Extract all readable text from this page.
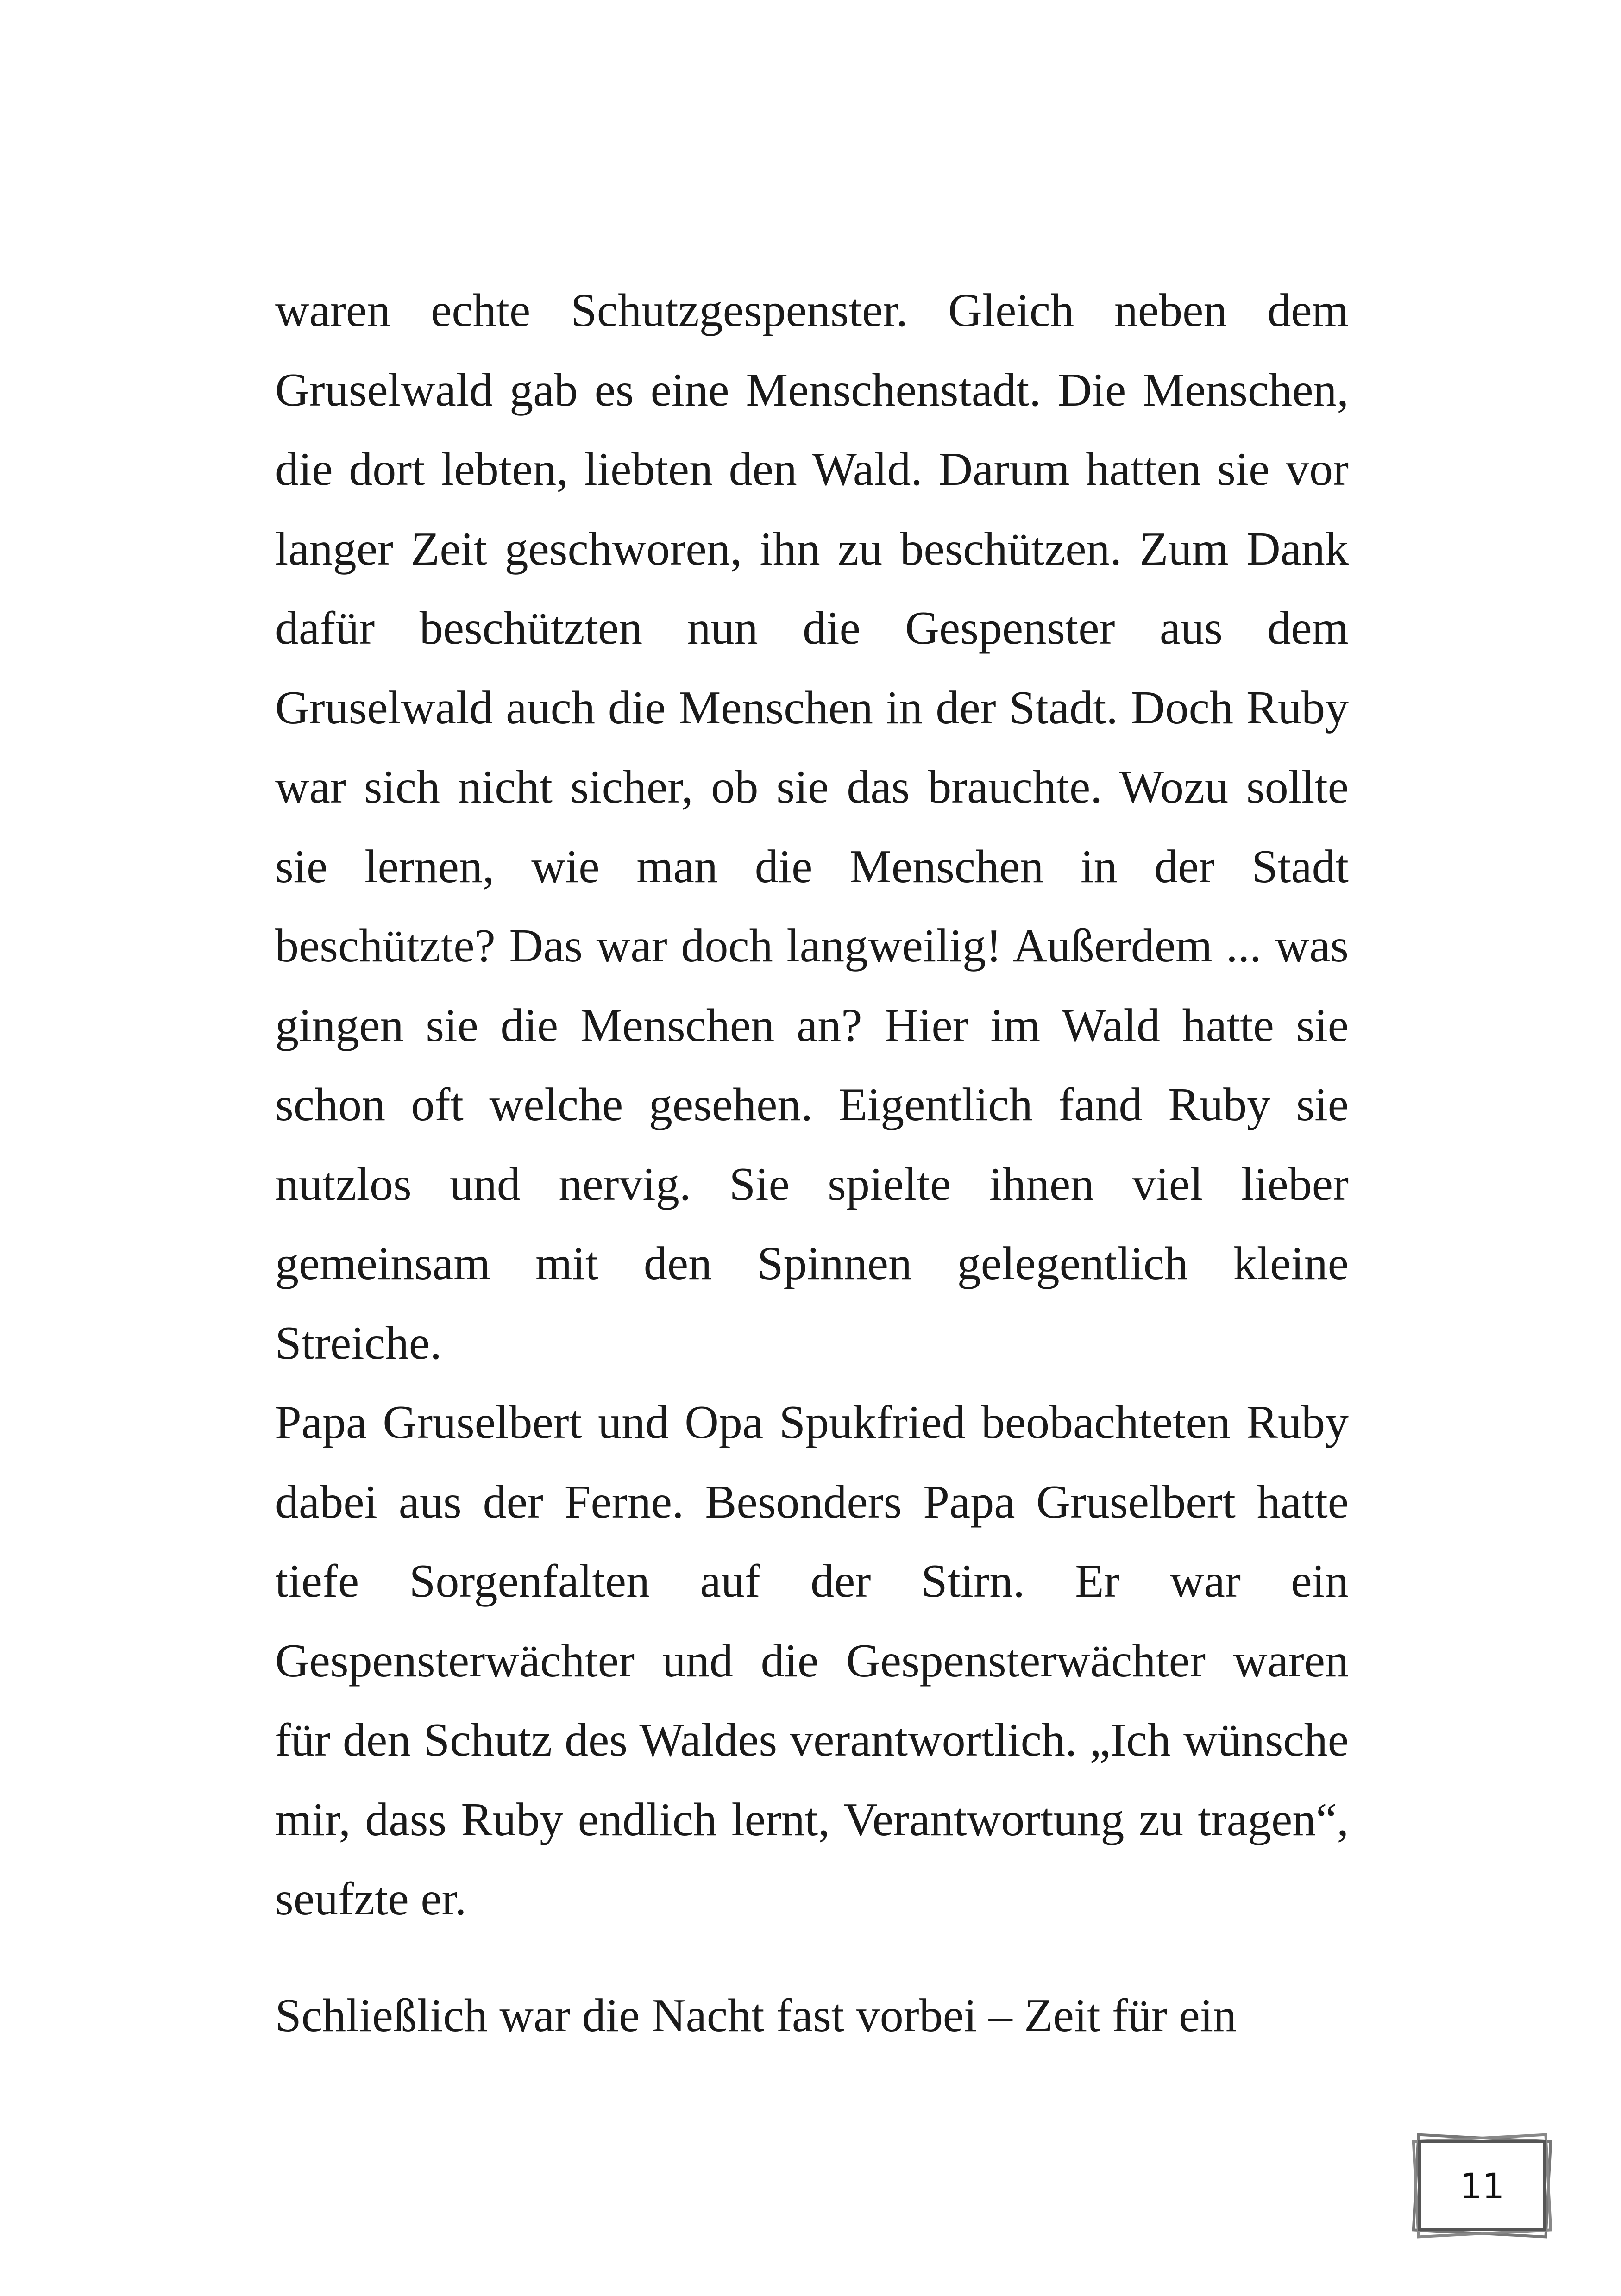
waren echte Schutzgespenster. Gleich neben dem Gruselwald gab es eine Menschenstadt. Die Menschen, die dort lebten, liebten den Wald. Darum hatten sie vor langer Zeit geschworen, ihn zu beschützen. Zum Dank dafür beschützten nun die Gespenster aus dem Gruselwald auch die Menschen in der Stadt. Doch Ruby war sich nicht sicher, ob sie das brauchte. Wozu sollte sie lernen, wie man die Menschen in der Stadt beschützte? Das war doch langweilig! Außerdem ... was gingen sie die Menschen an? Hier im Wald hatte sie schon oft welche gesehen. Eigentlich fand Ruby sie nutzlos und nervig. Sie spielte ihnen viel lieber gemeinsam mit den Spinnen gelegentlich kleine Streiche.

Papa Gruselbert und Opa Spukfried beobachteten Ruby dabei aus der Ferne. Besonders Papa Gruselbert hatte tiefe Sorgenfalten auf der Stirn. Er war ein Gespensterwächter und die Gespensterwächter waren für den Schutz des Waldes verantwortlich. „Ich wünsche mir, dass Ruby endlich lernt, Verantwortung zu tragen“, seufzte er.

Schließlich war die Nacht fast vorbei – Zeit für ein

11
